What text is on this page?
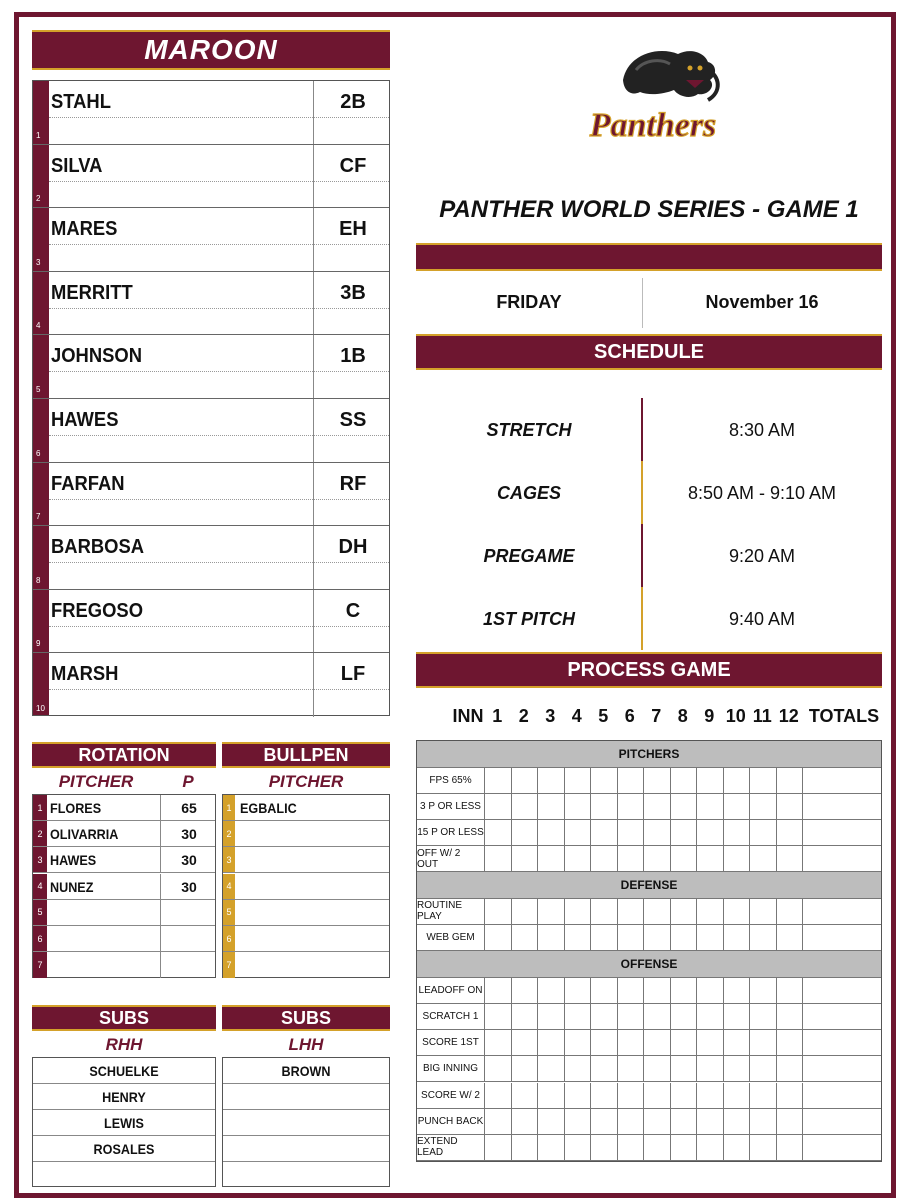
MAROON
1
STAHL	2B
2
SILVA	CF
3
MARES	EH
4
MERRITT	3B
5
JOHNSON	1B
6
HAWES	SS
7
FARFAN	RF
8
BARBOSA	DH
9
FREGOSO	C
10
MARSH	LF
Panthers
PANTHER WORLD SERIES - GAME 1
FRIDAY	November 16
SCHEDULE
STRETCH	8:30 AM
CAGES	8:50 AM - 9:10 AM
PREGAME	9:20 AM
1ST PITCH	9:40 AM
PROCESS GAME
INN 1 2 3 4 5 6 7 8 9 10 11 12 TOTALS
PITCHERS
FPS 65%
3 P OR LESS
15 P OR LESS
OFF W/ 2 OUT
DEFENSE
ROUTINE PLAY
WEB GEM
OFFENSE
LEADOFF ON
SCRATCH 1
SCORE 1ST
BIG INNING
SCORE W/ 2
PUNCH BACK
EXTEND LEAD
ROTATION
PITCHER	P
1 FLORES	65
2 OLIVARRIA	30
3 HAWES	30
4 NUNEZ	30
5
6
7
BULLPEN
PITCHER
1 EGBALIC
2
3
4
5
6
7
SUBS
RHH
SCHUELKE
HENRY
LEWIS
ROSALES
SUBS
LHH
BROWN
